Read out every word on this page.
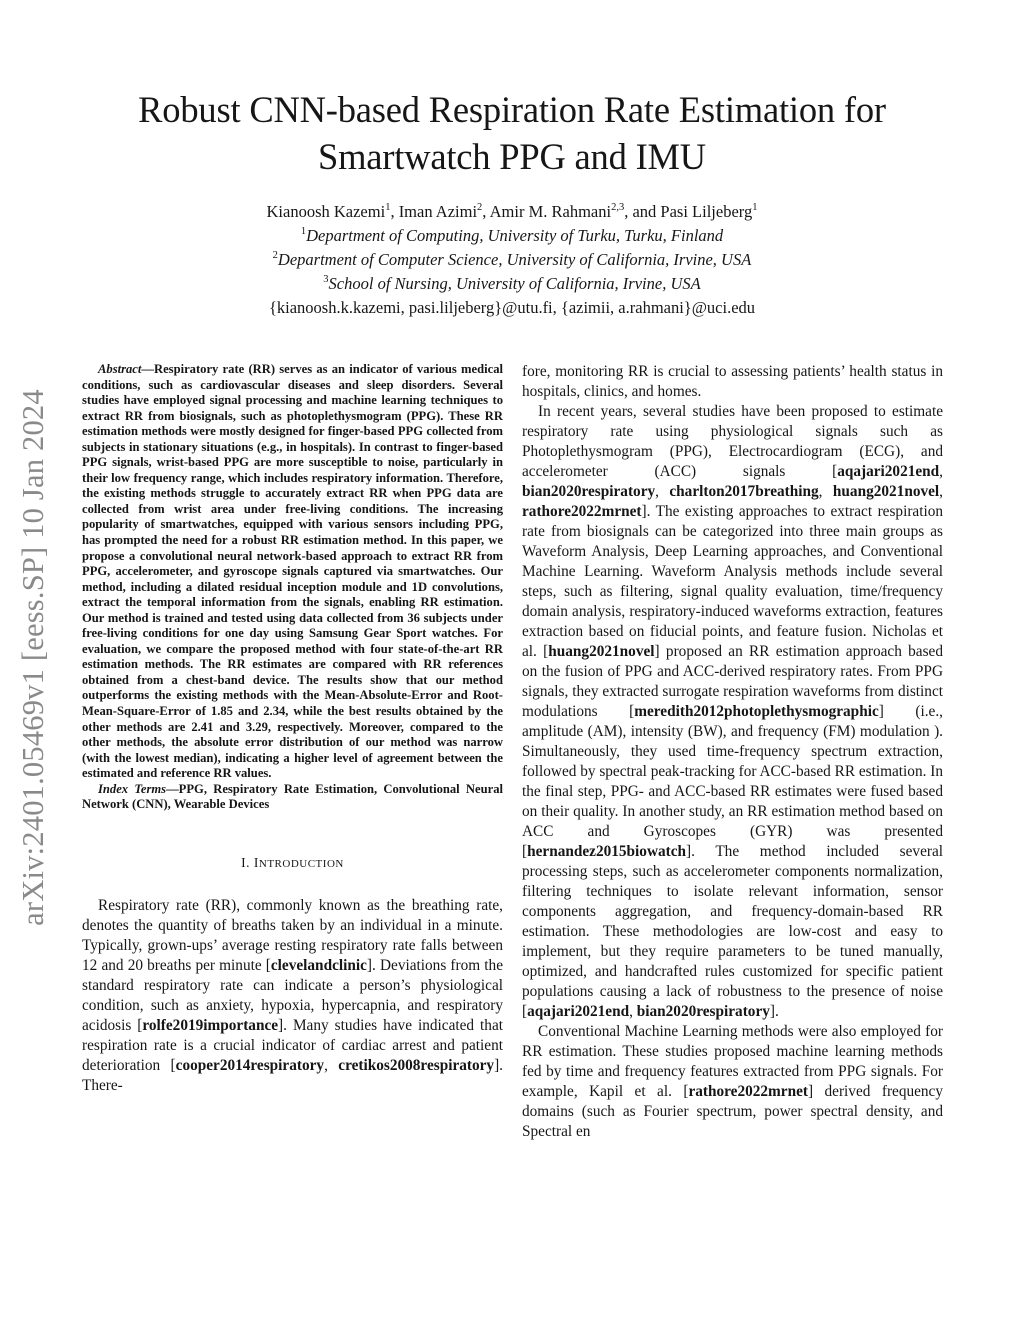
Robust CNN-based Respiration Rate Estimation for
Smartwatch PPG and IMU
Kianoosh Kazemi$^1$, Iman Azimi$^2$, Amir M. Rahmani$^{2,3}$, and Pasi Liljeberg$^1$
$^1$Department of Computing, University of Turku, Turku, Finland
$^2$Department of Computer Science, University of California, Irvine, USA
$^3$School of Nursing, University of California, Irvine, USA
{kianoosh.k.kazemi, pasi.liljeberg}@utu.fi, {azimii, a.rahmani}@uci.edu
arXiv:2401.05469v1 [eess.SP] 10 Jan 2024

Abstract—Respiratory rate (RR) serves as an indicator of various medical conditions, such as cardiovascular diseases and sleep disorders. Several studies have employed signal processing and machine learning techniques to extract RR from biosignals, such as photoplethysmogram (PPG). These RR estimation methods were mostly designed for finger-based PPG collected from subjects in stationary situations (e.g., in hospitals). In contrast to finger-based PPG signals, wrist-based PPG are more susceptible to noise, particularly in their low frequency range, which includes respiratory information. Therefore, the existing methods struggle to accurately extract RR when PPG data are collected from wrist area under free-living conditions. The increasing popularity of smartwatches, equipped with various sensors including PPG, has prompted the need for a robust RR estimation method. In this paper, we propose a convolutional neural network-based approach to extract RR from PPG, accelerometer, and gyroscope signals captured via smartwatches. Our method, including a dilated residual inception module and 1D convolutions, extract the temporal information from the signals, enabling RR estimation. Our method is trained and tested using data collected from 36 subjects under free-living conditions for one day using Samsung Gear Sport watches. For evaluation, we compare the proposed method with four state-of-the-art RR estimation methods. The RR estimates are compared with RR references obtained from a chest-band device. The results show that our method outperforms the existing methods with the Mean-Absolute-Error and Root-Mean-Square-Error of 1.85 and 2.34, while the best results obtained by the other methods are 2.41 and 3.29, respectively. Moreover, compared to the other methods, the absolute error distribution of our method was narrow (with the lowest median), indicating a higher level of agreement between the estimated and reference RR values.

Index Terms—PPG, Respiratory Rate Estimation, Convolutional Neural Network (CNN), Wearable Devices

I. INTRODUCTION

Respiratory rate (RR), commonly known as the breathing rate, denotes the quantity of breaths taken by an individual in a minute. Typically, grown-ups’ average resting respiratory rate falls between 12 and 20 breaths per minute [clevelandclinic]. Deviations from the standard respiratory rate can indicate a person’s physiological condition, such as anxiety, hypoxia, hypercapnia, and respiratory acidosis [rolfe2019importance]. Many studies have indicated that respiration rate is a crucial indicator of cardiac arrest and patient deterioration [cooper2014respiratory, cretikos2008respiratory]. There-

fore, monitoring RR is crucial to assessing patients’ health status in hospitals, clinics, and homes.

In recent years, several studies have been proposed to estimate respiratory rate using physiological signals such as Photoplethysmogram (PPG), Electrocardiogram (ECG), and accelerometer (ACC) signals [aqajari2021end, bian2020respiratory, charlton2017breathing, huang2021novel, rathore2022mrnet]. The existing approaches to extract respiration rate from biosignals can be categorized into three main groups as Waveform Analysis, Deep Learning approaches, and Conventional Machine Learning. Waveform Analysis methods include several steps, such as filtering, signal quality evaluation, time/frequency domain analysis, respiratory-induced waveforms extraction, features extraction based on fiducial points, and feature fusion. Nicholas et al. [huang2021novel] proposed an RR estimation approach based on the fusion of PPG and ACC-derived respiratory rates. From PPG signals, they extracted surrogate respiration waveforms from distinct modulations [meredith2012photoplethysmographic] (i.e., amplitude (AM), intensity (BW), and frequency (FM) modulation ). Simultaneously, they used time-frequency spectrum extraction, followed by spectral peak-tracking for ACC-based RR estimation. In the final step, PPG- and ACC-based RR estimates were fused based on their quality. In another study, an RR estimation method based on ACC and Gyroscopes (GYR) was presented [hernandez2015biowatch]. The method included several processing steps, such as accelerometer components normalization, filtering techniques to isolate relevant information, sensor components aggregation, and frequency-domain-based RR estimation. These methodologies are low-cost and easy to implement, but they require parameters to be tuned manually, optimized, and handcrafted rules customized for specific patient populations causing a lack of robustness to the presence of noise [aqajari2021end, bian2020respiratory].

Conventional Machine Learning methods were also employed for RR estimation. These studies proposed machine learning methods fed by time and frequency features extracted from PPG signals. For example, Kapil et al. [rathore2022mrnet] derived frequency domains (such as Fourier spectrum, power spectral density, and Spectral en
